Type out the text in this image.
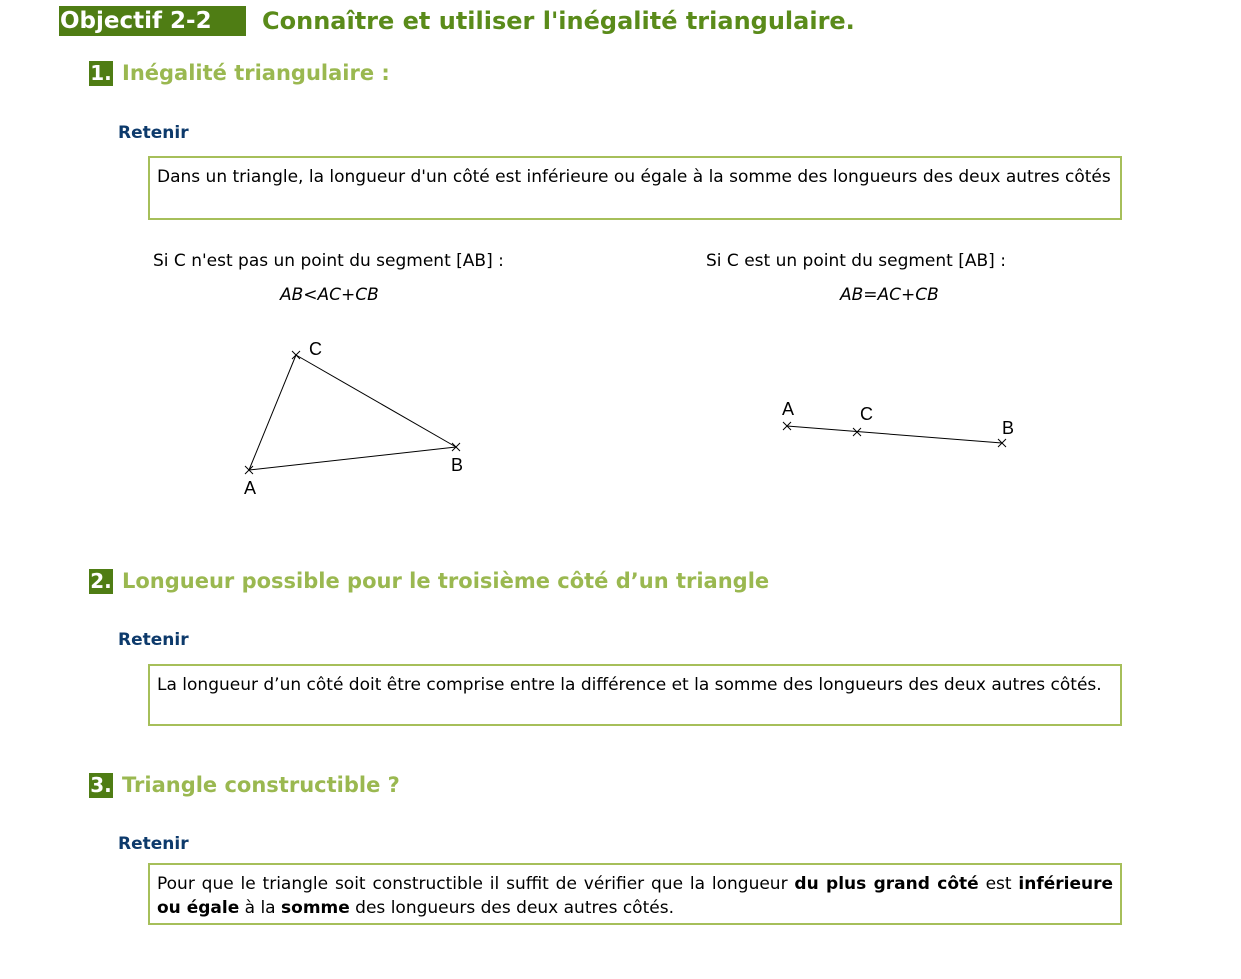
Objectif 2-2	Connaître et utiliser l'inégalité triangulaire.
1. Inégalité triangulaire :
Retenir
Dans un triangle, la longueur d'un côté est inférieure ou égale à la somme des longueurs des deux autres côtés
Si C n'est pas un point du segment [AB] :
AB<AC+CB
Si C est un point du segment [AB] :
AB=AC+CB
C
B
A
A	C
B
2. Longueur possible pour le troisième côté d’un triangle
Retenir
La longueur d’un côté doit être comprise entre la différence et la somme des longueurs des deux autres côtés.
3. Triangle constructible ?
Retenir
Pour que le triangle soit constructible il suffit de vérifier que la longueur du plus grand côté est inférieure ou égale à la somme des longueurs des deux autres côtés.
